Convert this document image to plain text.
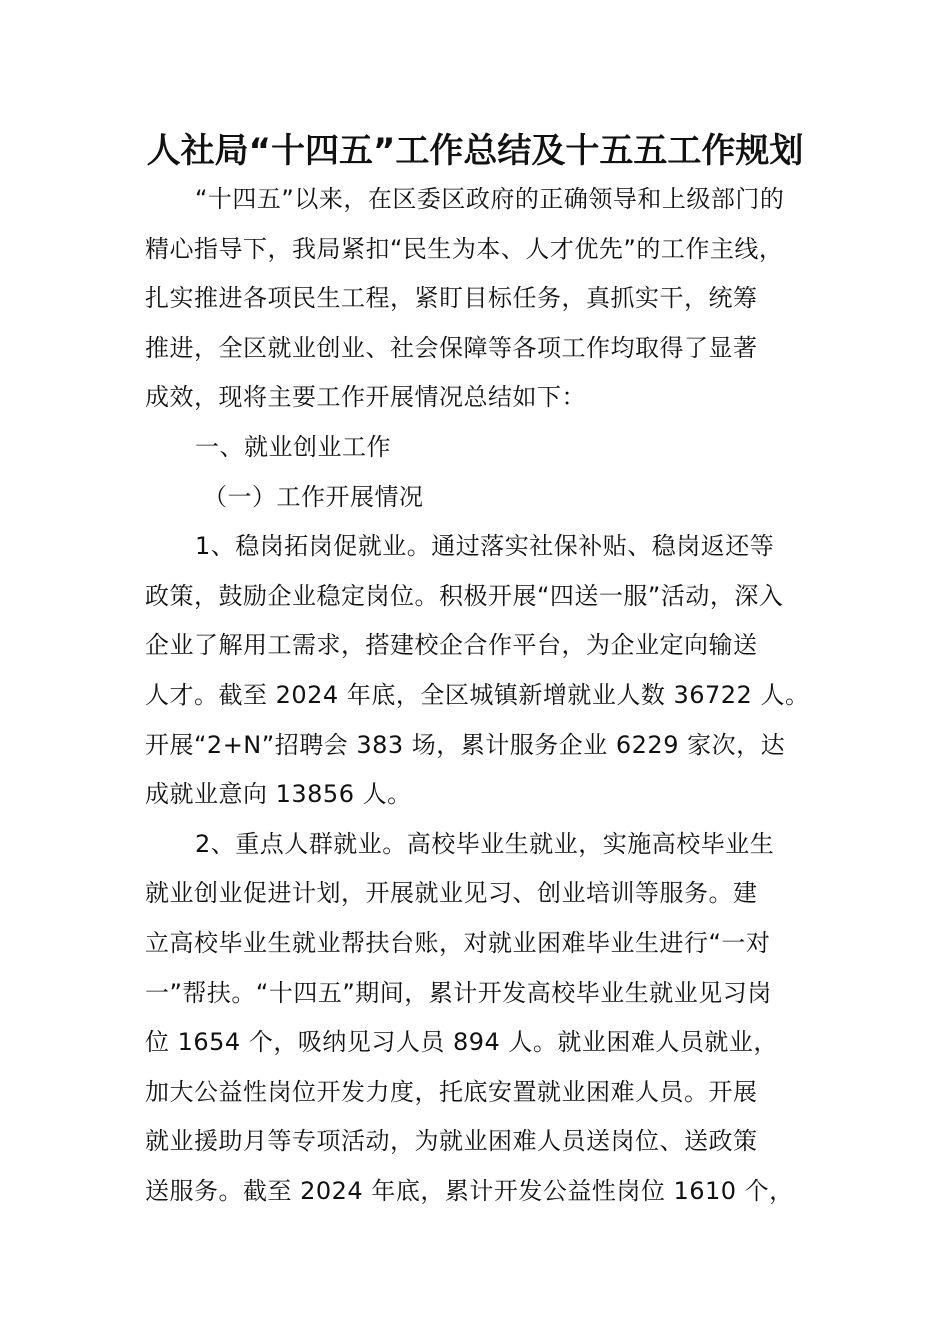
人社局“十四五”工作总结及十五五工作规划
“十四五”以来，在区委区政府的正确领导和上级部门的
精心指导下，我局紧扣“民生为本、人才优先”的工作主线，
扎实推进各项民生工程，紧盯目标任务，真抓实干，统筹
推进，全区就业创业、社会保障等各项工作均取得了显著
成效，现将主要工作开展情况总结如下：
一、就业创业工作
（一）工作开展情况
1、稳岗拓岗促就业。通过落实社保补贴、稳岗返还等
政策，鼓励企业稳定岗位。积极开展“四送一服”活动，深入
企业了解用工需求，搭建校企合作平台，为企业定向输送
人才。截至 2024 年底，全区城镇新增就业人数 36722 人。
开展“2+N”招聘会 383 场，累计服务企业 6229 家次，达
成就业意向 13856 人。
2、重点人群就业。高校毕业生就业，实施高校毕业生
就业创业促进计划，开展就业见习、创业培训等服务。建
立高校毕业生就业帮扶台账，对就业困难毕业生进行“一对
一”帮扶。“十四五”期间，累计开发高校毕业生就业见习岗
位 1654 个，吸纳见习人员 894 人。就业困难人员就业，
加大公益性岗位开发力度，托底安置就业困难人员。开展
就业援助月等专项活动，为就业困难人员送岗位、送政策
送服务。截至 2024 年底，累计开发公益性岗位 1610 个，
